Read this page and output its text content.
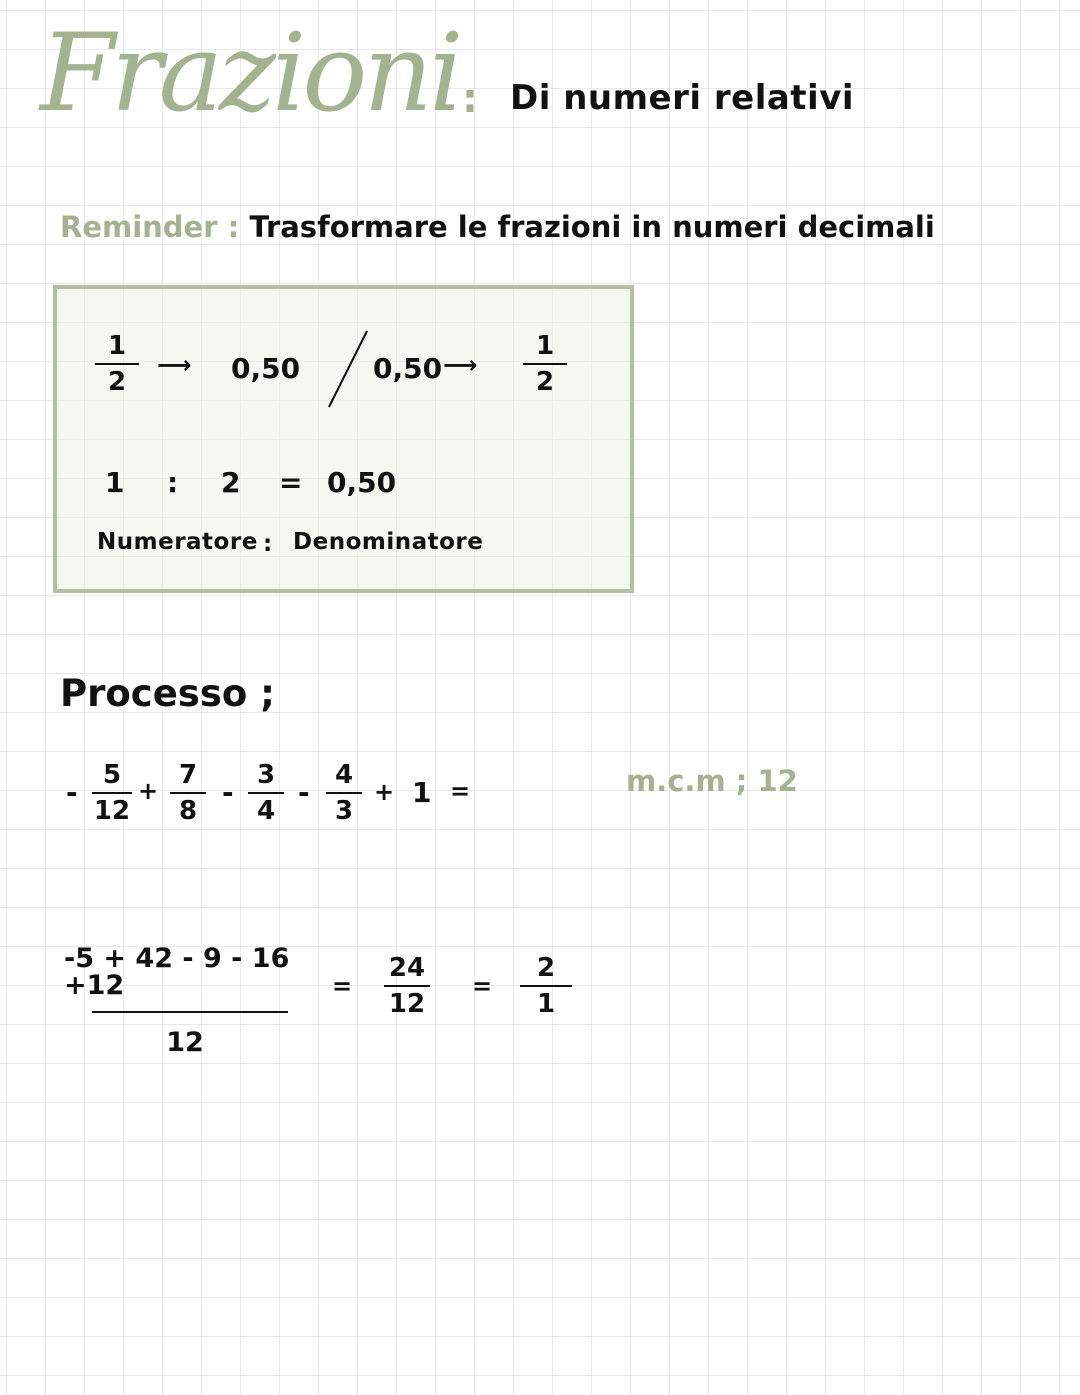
Frazioni : Di numeri relativi
Reminder : Trasformare le frazioni in numeri decimali
1
2
⟶ 0,50	0,50 ⟶
1
2
1 : 2 = 0,50
Numeratore : Denominatore
Processo ;
-
5
12
+
7
8
-
3
4
-
4
3
+ 1 =	m.c.m ; 12
-5 + 42 - 9 - 16 +12
12
=
24
12
=
2
1
